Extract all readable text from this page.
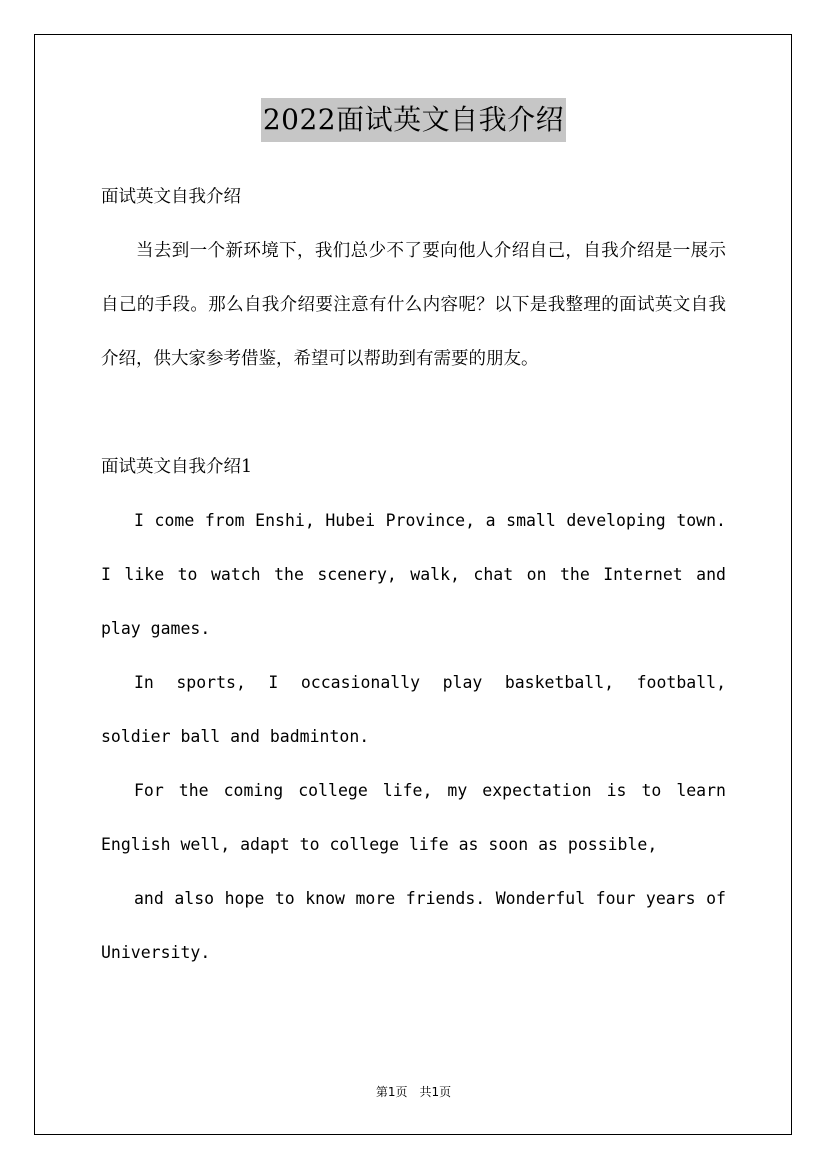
2022面试英文自我介绍

面试英文自我介绍

当去到一个新环境下，我们总少不了要向他人介绍自己，自我介绍是一展示自己的手段。那么自我介绍要注意有什么内容呢？以下是我整理的面试英文自我介绍，供大家参考借鉴，希望可以帮助到有需要的朋友。

面试英文自我介绍1

I come from Enshi, Hubei Province, a small developing town. I like to watch the scenery, walk, chat on the Internet and play games.

In sports, I occasionally play basketball, football, soldier ball and badminton.

For the coming college life, my expectation is to learn English well, adapt to college life as soon as possible,

and also hope to know more friends. Wonderful four years of University.

第1页　共1页
